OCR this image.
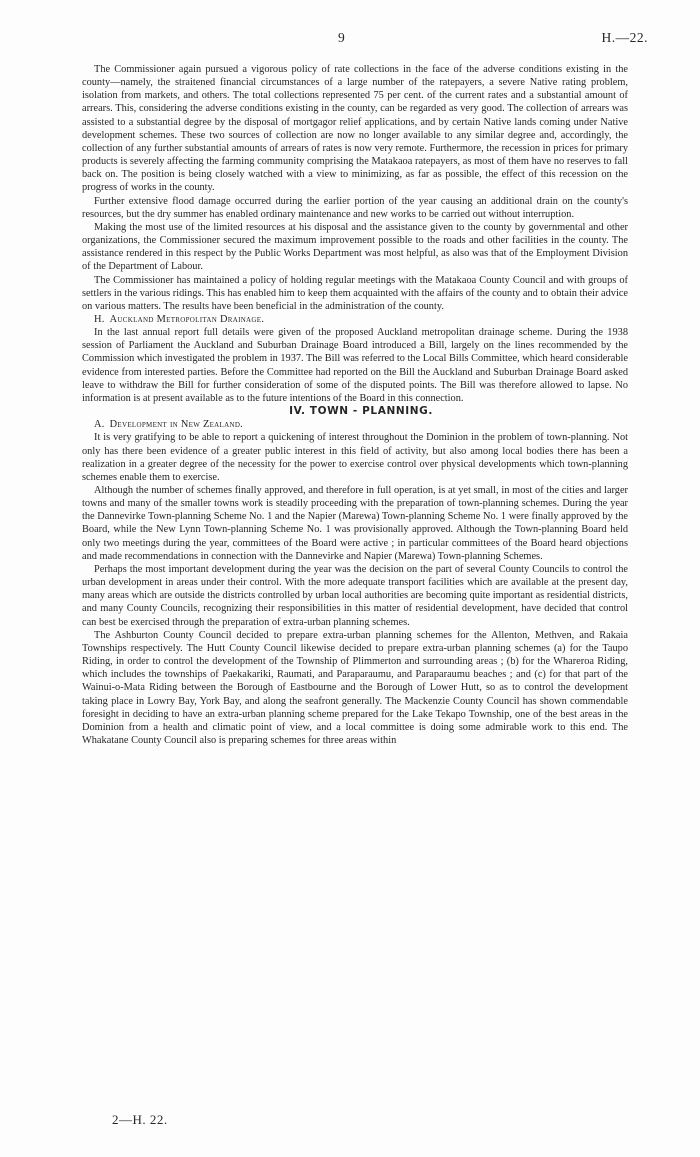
9	H.—22.

The Commissioner again pursued a vigorous policy of rate collections in the face of the adverse conditions existing in the county—namely, the straitened financial circumstances of a large number of the ratepayers, a severe Native rating problem, isolation from markets, and others. The total collections represented 75 per cent. of the current rates and a substantial amount of arrears. This, considering the adverse conditions existing in the county, can be regarded as very good. The collection of arrears was assisted to a substantial degree by the disposal of mortgagor relief applications, and by certain Native lands coming under Native development schemes. These two sources of collection are now no longer available to any similar degree and, accordingly, the collection of any further substantial amounts of arrears of rates is now very remote. Furthermore, the recession in prices for primary products is severely affecting the farming community comprising the Matakaoa ratepayers, as most of them have no reserves to fall back on. The position is being closely watched with a view to minimizing, as far as possible, the effect of this recession on the progress of works in the county.

Further extensive flood damage occurred during the earlier portion of the year causing an additional drain on the county's resources, but the dry summer has enabled ordinary maintenance and new works to be carried out without interruption.

Making the most use of the limited resources at his disposal and the assistance given to the county by governmental and other organizations, the Commissioner secured the maximum improvement possible to the roads and other facilities in the county. The assistance rendered in this respect by the Public Works Department was most helpful, as also was that of the Employment Division of the Department of Labour.

The Commissioner has maintained a policy of holding regular meetings with the Matakaoa County Council and with groups of settlers in the various ridings. This has enabled him to keep them acquainted with the affairs of the county and to obtain their advice on various matters. The results have been beneficial in the administration of the county.

H. Auckland Metropolitan Drainage.

In the last annual report full details were given of the proposed Auckland metropolitan drainage scheme. During the 1938 session of Parliament the Auckland and Suburban Drainage Board introduced a Bill, largely on the lines recommended by the Commission which investigated the problem in 1937. The Bill was referred to the Local Bills Committee, which heard considerable evidence from interested parties. Before the Committee had reported on the Bill the Auckland and Suburban Drainage Board asked leave to withdraw the Bill for further consideration of some of the disputed points. The Bill was therefore allowed to lapse. No information is at present available as to the future intentions of the Board in this connection.

IV. TOWN - PLANNING.

A. Development in New Zealand.

It is very gratifying to be able to report a quickening of interest throughout the Dominion in the problem of town-planning. Not only has there been evidence of a greater public interest in this field of activity, but also among local bodies there has been a realization in a greater degree of the necessity for the power to exercise control over physical developments which town-planning schemes enable them to exercise.

Although the number of schemes finally approved, and therefore in full operation, is at yet small, in most of the cities and larger towns and many of the smaller towns work is steadily proceeding with the preparation of town-planning schemes. During the year the Dannevirke Town-planning Scheme No. 1 and the Napier (Marewa) Town-planning Scheme No. 1 were finally approved by the Board, while the New Lynn Town-planning Scheme No. 1 was provisionally approved. Although the Town-planning Board held only two meetings during the year, committees of the Board were active ; in particular committees of the Board heard objections and made recommendations in connection with the Dannevirke and Napier (Marewa) Town-planning Schemes.

Perhaps the most important development during the year was the decision on the part of several County Councils to control the urban development in areas under their control. With the more adequate transport facilities which are available at the present day, many areas which are outside the districts controlled by urban local authorities are becoming quite important as residential districts, and many County Councils, recognizing their responsibilities in this matter of residential development, have decided that control can best be exercised through the preparation of extra-urban planning schemes.

The Ashburton County Council decided to prepare extra-urban planning schemes for the Allenton, Methven, and Rakaia Townships respectively. The Hutt County Council likewise decided to prepare extra-urban planning schemes (a) for the Taupo Riding, in order to control the development of the Township of Plimmerton and surrounding areas ; (b) for the Whareroa Riding, which includes the townships of Paekakariki, Raumati, and Paraparaumu, and Paraparaumu beaches ; and (c) for that part of the Wainui-o-Mata Riding between the Borough of Eastbourne and the Borough of Lower Hutt, so as to control the development taking place in Lowry Bay, York Bay, and along the seafront generally. The Mackenzie County Council has shown commendable foresight in deciding to have an extra-urban planning scheme prepared for the Lake Tekapo Township, one of the best areas in the Dominion from a health and climatic point of view, and a local committee is doing some admirable work to this end. The Whakatane County Council also is preparing schemes for three areas within

2—H. 22.
